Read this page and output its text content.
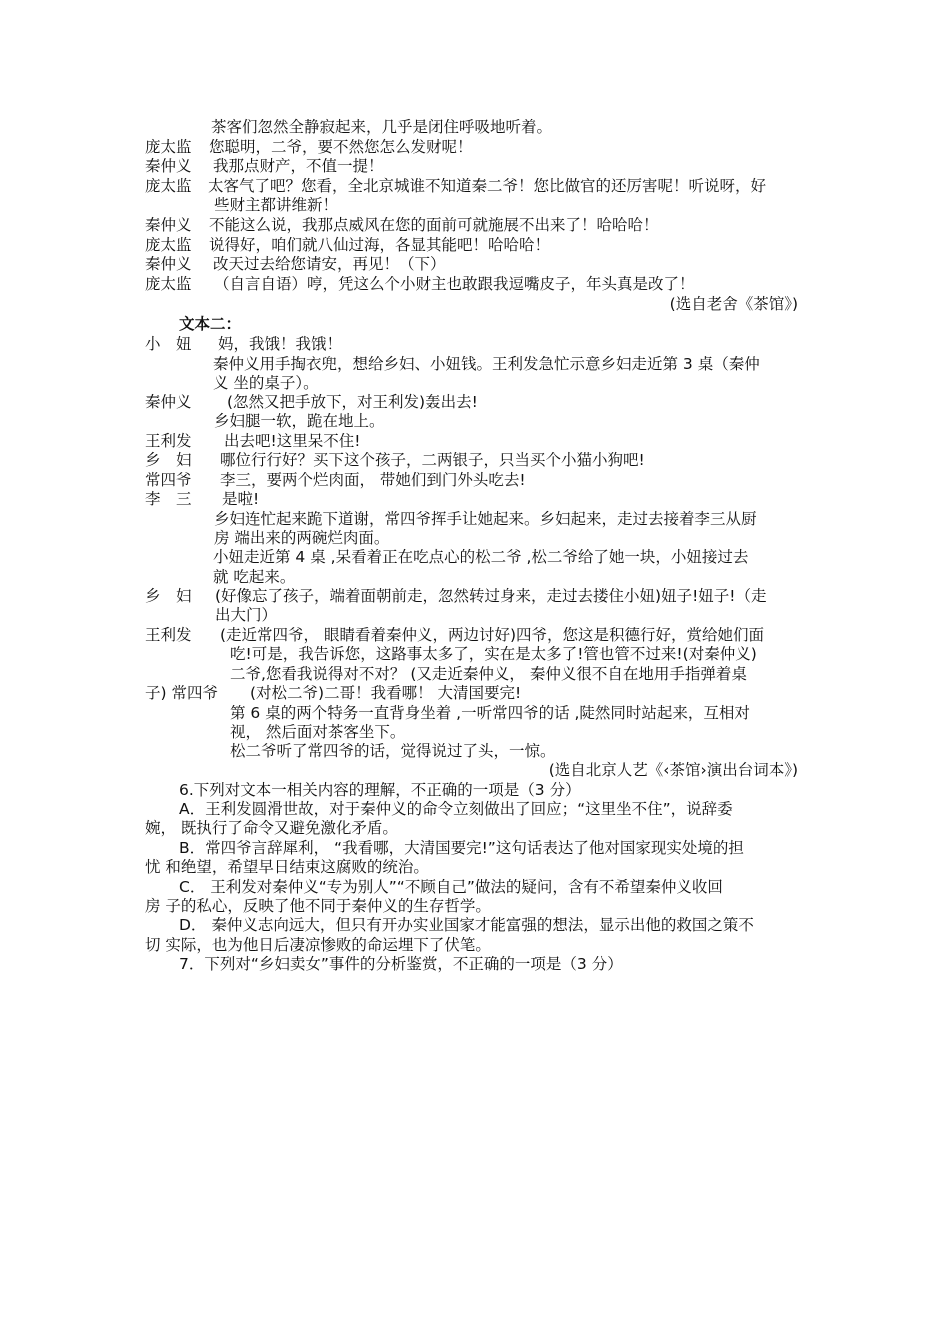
茶客们忽然全静寂起来，几乎是闭住呼吸地听着。
庞太监 您聪明，二爷，要不然您怎么发财呢！
秦仲义 我那点财产，不值一提！
庞太监 太客气了吧？您看，全北京城谁不知道秦二爷！您比做官的还厉害呢！听说呀，好
些财主都讲维新！
秦仲义 不能这么说，我那点威风在您的面前可就施展不出来了！哈哈哈！
庞太监 说得好，咱们就八仙过海，各显其能吧！哈哈哈！
秦仲义 改天过去给您请安，再见！（下）
庞太监 （自言自语）哼，凭这么个小财主也敢跟我逗嘴皮子，年头真是改了！
(选自老舍《茶馆》)
文本二：
小　妞 妈，我饿！我饿！
秦仲义用手掏衣兜，想给乡妇、小妞钱。王利发急忙示意乡妇走近第 3 桌（秦仲
义 坐的桌子）。
秦仲义 (忽然又把手放下，对王利发)轰出去!
乡妇腿一软，跪在地上。
王利发 出去吧!这里呆不住!
乡　妇 哪位行行好？买下这个孩子，二两银子，只当买个小猫小狗吧!
常四爷 李三，要两个烂肉面， 带她们到门外头吃去!
李　三 是啦!
乡妇连忙起来跪下道谢，常四爷挥手让她起来。乡妇起来，走过去接着李三从厨
房 端出来的两碗烂肉面。
小妞走近第 4 桌 ,呆看着正在吃点心的松二爷 ,松二爷给了她一块，小妞接过去
就 吃起来。
乡　妇 (好像忘了孩子，端着面朝前走，忽然转过身来，走过去搂住小妞)妞子!妞子!（走
出大门）
王利发 (走近常四爷， 眼睛看着秦仲义，两边讨好)四爷，您这是积德行好，赏给她们面
吃!可是，我告诉您，这路事太多了，实在是太多了!管也管不过来!(对秦仲义)
二爷,您看我说得对不对？ (又走近秦仲义， 秦仲义很不自在地用手指弹着桌
子) 常四爷 (对松二爷)二哥！我看哪！ 大清国要完!
第 6 桌的两个特务一直背身坐着 ,一听常四爷的话 ,陡然同时站起来，互相对
视， 然后面对茶客坐下。
松二爷听了常四爷的话，觉得说过了头，一惊。
(选自北京人艺《‹茶馆›演出台词本》)
6.下列对文本一相关内容的理解，不正确的一项是（3 分）
A．王利发圆滑世故，对于秦仲义的命令立刻做出了回应；“这里坐不住”，说辞委
婉， 既执行了命令又避免激化矛盾。
B．常四爷言辞犀利， “我看哪，大清国要完!”这句话表达了他对国家现实处境的担
忧 和绝望，希望早日结束这腐败的统治。
C． 王利发对秦仲义“专为别人”“不顾自己”做法的疑问，含有不希望秦仲义收回
房 子的私心，反映了他不同于秦仲义的生存哲学。
D． 秦仲义志向远大，但只有开办实业国家才能富强的想法，显示出他的救国之策不
切 实际，也为他日后凄凉惨败的命运埋下了伏笔。
7．下列对“乡妇卖女”事件的分析鉴赏，不正确的一项是（3 分）
